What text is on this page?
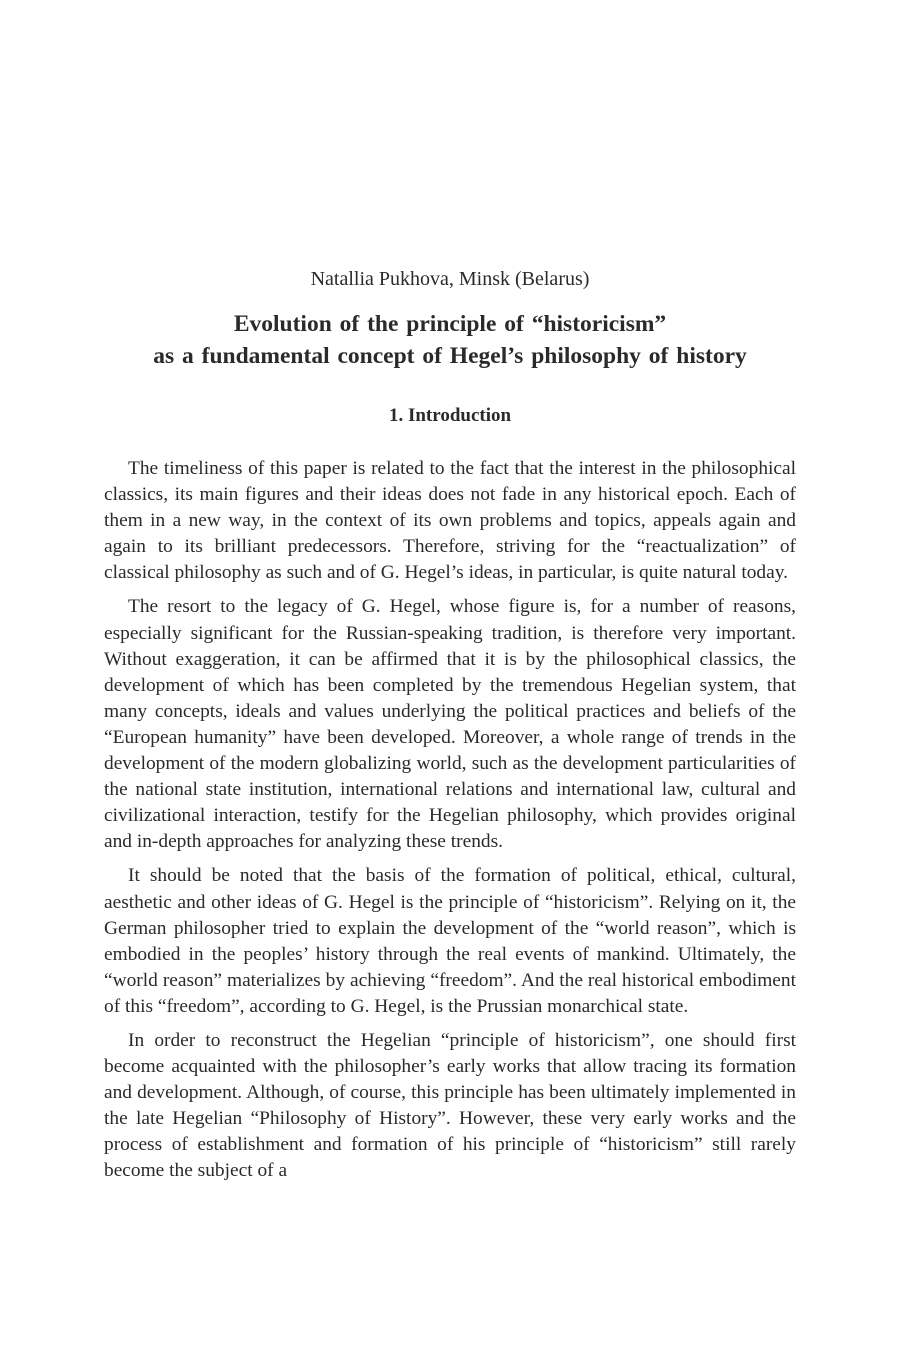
Natallia Pukhova, Minsk (Belarus)
Evolution of the principle of “historicism”
as a fundamental concept of Hegel’s philosophy of history
1. Introduction

The timeliness of this paper is related to the fact that the interest in the philosophical classics, its main figures and their ideas does not fade in any historical epoch. Each of them in a new way, in the context of its own problems and topics, appeals again and again to its brilliant predecessors. Therefore, striving for the “reactualization” of classical philosophy as such and of G. Hegel’s ideas, in particular, is quite natural today.

The resort to the legacy of G. Hegel, whose figure is, for a number of reasons, especially significant for the Russian-speaking tradition, is therefore very important. Without exaggeration, it can be affirmed that it is by the philosophical classics, the development of which has been completed by the tremendous Hegelian system, that many concepts, ideals and values underlying the political practices and beliefs of the “European humanity” have been developed. Moreover, a whole range of trends in the development of the modern globalizing world, such as the development particularities of the national state institution, international relations and international law, cultural and civilizational interaction, testify for the Hegelian philosophy, which provides original and in-depth approaches for analyzing these trends.

It should be noted that the basis of the formation of political, ethical, cultural, aesthetic and other ideas of G. Hegel is the principle of “historicism”. Relying on it, the German philosopher tried to explain the development of the “world reason”, which is embodied in the peoples’ history through the real events of mankind. Ultimately, the “world reason” materializes by achieving “freedom”. And the real historical embodiment of this “freedom”, according to G. Hegel, is the Prussian monarchical state.

In order to reconstruct the Hegelian “principle of historicism”, one should first become acquainted with the philosopher’s early works that allow tracing its formation and development. Although, of course, this principle has been ultimately implemented in the late Hegelian “Philosophy of History”. However, these very early works and the process of establishment and formation of his principle of “historicism” still rarely become the subject of a
